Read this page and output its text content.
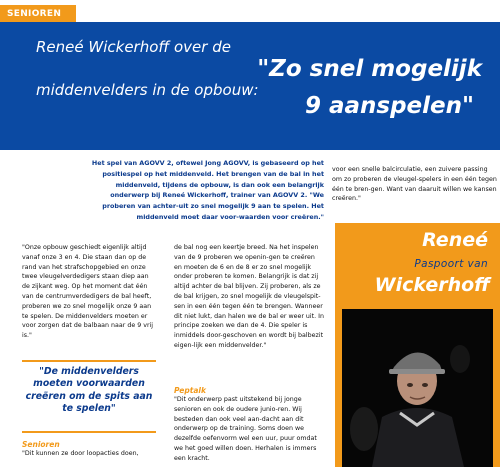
SENIOREN
Reneé Wickerhoff over de
middenvelders in de opbouw:
"Zo snel mogelijk
9 aanspelen"
Het spel van AGOVV 2, oftewel Jong AGOVV, is gebaseerd op het positiespel op het middenveld. Het brengen van de bal in het middenveld, tijdens de opbouw, is dan ook een belangrijk onderwerp bij Reneé Wickerhoff, trainer van AGOVV 2. "We proberen van achter-uit zo snel mogelijk 9 aan te spelen. Het middenveld moet daar voor-waarden voor creëren."
voor een snelle balcirculatie, een zuivere passing om zo proberen de vleugel-spelers in een één tegen één te bren-gen. Want van daaruit willen we kansen creëren."
"Onze opbouw geschiedt eigenlijk altijd vanaf onze 3 en 4. Die staan dan op de rand van het strafschopgebied en onze twee vleugelverdedigers staan diep aan de zijkant weg. Op het moment dat één van de centrumverdedigers de bal heeft, proberen we zo snel mogelijk onze 9 aan te spelen. De middenvelders moeten er voor zorgen dat de balbaan naar de 9 vrij is."
"De middenvelders moeten voorwaarden creëren om de spits aan te spelen"
Senioren
"Dit kunnen ze door loopacties doen,
de bal nog een keertje breed. Na het inspelen van de 9 proberen we openin-gen te creëren en moeten de 6 en de 8 er zo snel mogelijk onder proberen te komen. Belangrijk is dat zij altijd achter de bal blijven. Zij proberen, als ze de bal krijgen, zo snel mogelijk de vleugelspit-sen in een één tegen één te brengen. Wanneer dit niet lukt, dan halen we de bal er weer uit. In principe zoeken we dan de 4. Die speler is inmiddels door-geschoven en wordt bij balbezit eigen-lijk een middenvelder."
Peptalk
"Dit onderwerp past uitstekend bij jonge senioren en ook de oudere junio-ren. Wij besteden dan ook veel aan-dacht aan dit onderwerp op de training. Soms doen we dezelfde oefenvorm wel een uur, puur omdat we het goed willen doen. Herhalen is immers een kracht.
Reneé
Paspoort van
Wickerhoff
